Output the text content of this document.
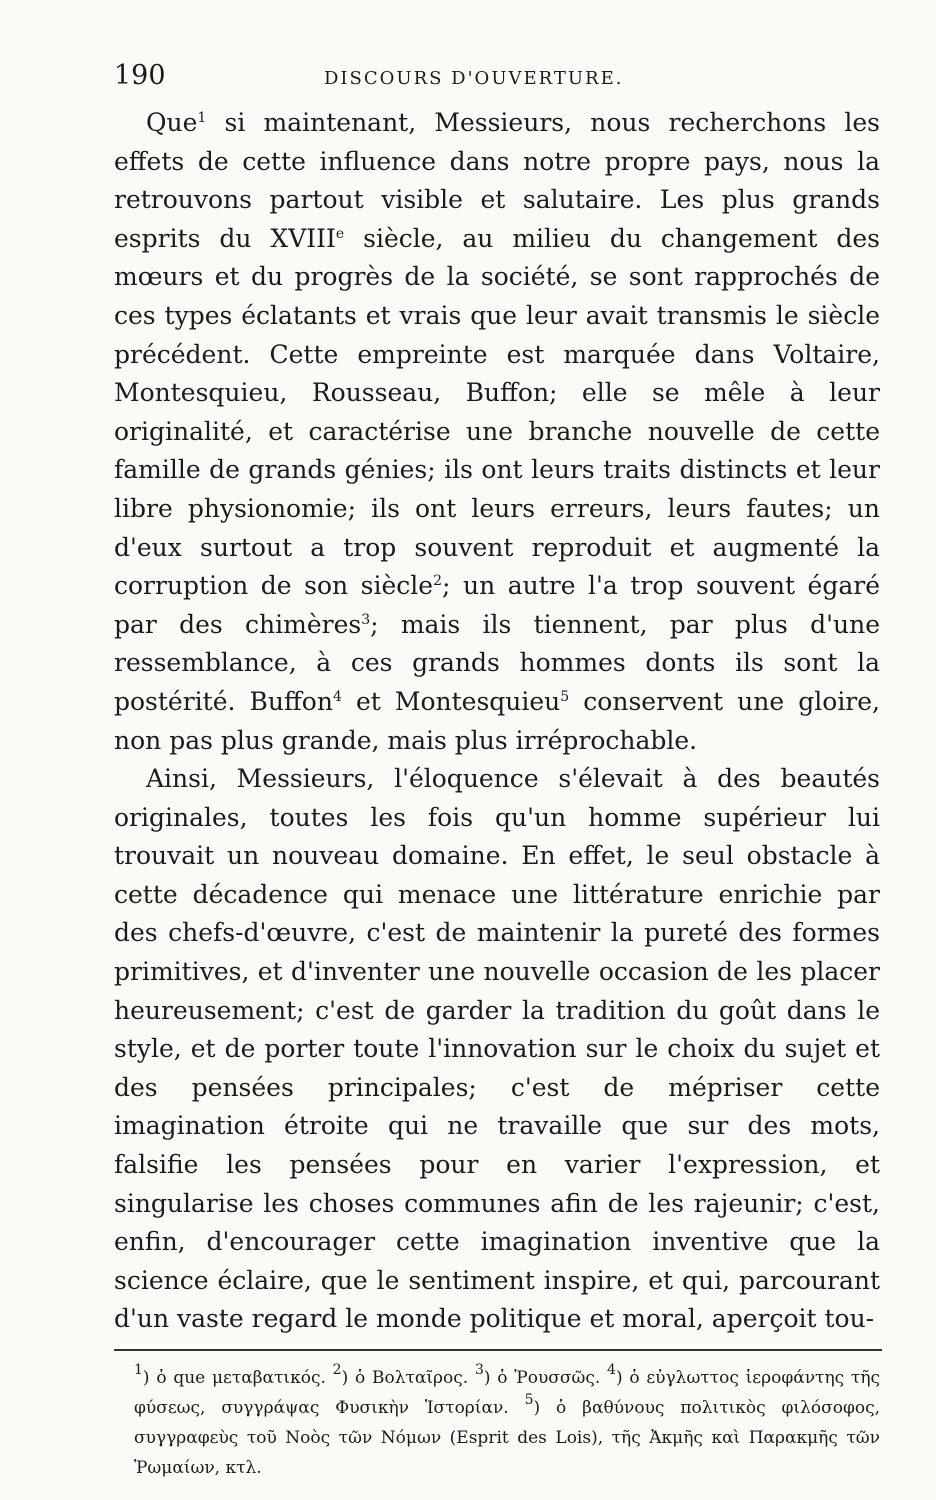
190	DISCOURS D'OUVERTURE.

Que$^1$ si maintenant, Messieurs, nous recherchons les effets de cette influence dans notre propre pays, nous la retrouvons partout visible et salutaire. Les plus grands esprits du XVIIIe siècle, au milieu du changement des mœurs et du progrès de la société, se sont rapprochés de ces types éclatants et vrais que leur avait transmis le siècle précédent. Cette empreinte est marquée dans Voltaire, Montesquieu, Rousseau, Buffon; elle se mêle à leur originalité, et caractérise une branche nouvelle de cette famille de grands génies; ils ont leurs traits distincts et leur libre physionomie; ils ont leurs erreurs, leurs fautes; un d'eux surtout a trop souvent reproduit et augmenté la corruption de son siècle$^2$; un autre l'a trop souvent égaré par des chimères$^3$; mais ils tiennent, par plus d'une ressemblance, à ces grands hommes donts ils sont la postérité. Buffon$^4$ et Montesquieu$^5$ conservent une gloire, non pas plus grande, mais plus irréprochable.

Ainsi, Messieurs, l'éloquence s'élevait à des beautés originales, toutes les fois qu'un homme supérieur lui trouvait un nouveau domaine. En effet, le seul obstacle à cette décadence qui menace une littérature enrichie par des chefs-d'œuvre, c'est de maintenir la pureté des formes primitives, et d'inventer une nouvelle occasion de les placer heureusement; c'est de garder la tradition du goût dans le style, et de porter toute l'innovation sur le choix du sujet et des pensées principales; c'est de mépriser cette imagination étroite qui ne travaille que sur des mots, falsifie les pensées pour en varier l'expression, et singularise les choses communes afin de les rajeunir; c'est, enfin, d'encourager cette imagination inventive que la science éclaire, que le sentiment inspire, et qui, parcourant d'un vaste regard le monde politique et moral, aperçoit tou-

$^1$) ὁ que μεταβατικός. $^2$) ὁ Βολταῖρος. $^3$) ὁ Ῥουσσῶς. $^4$) ὁ εὐγλωττος ἱεροφάντης τῆς φύσεως, συγγράψας Φυσικὴν Ἱστορίαν. $^5$) ὁ βαθύνους πολιτικὸς φιλόσοφος, συγγραφεὺς τοῦ Νοὸς τῶν Νόμων (Esprit des Lois), τῆς Ἀκμῆς καὶ Παρακμῆς τῶν Ῥωμαίων, κτλ.
